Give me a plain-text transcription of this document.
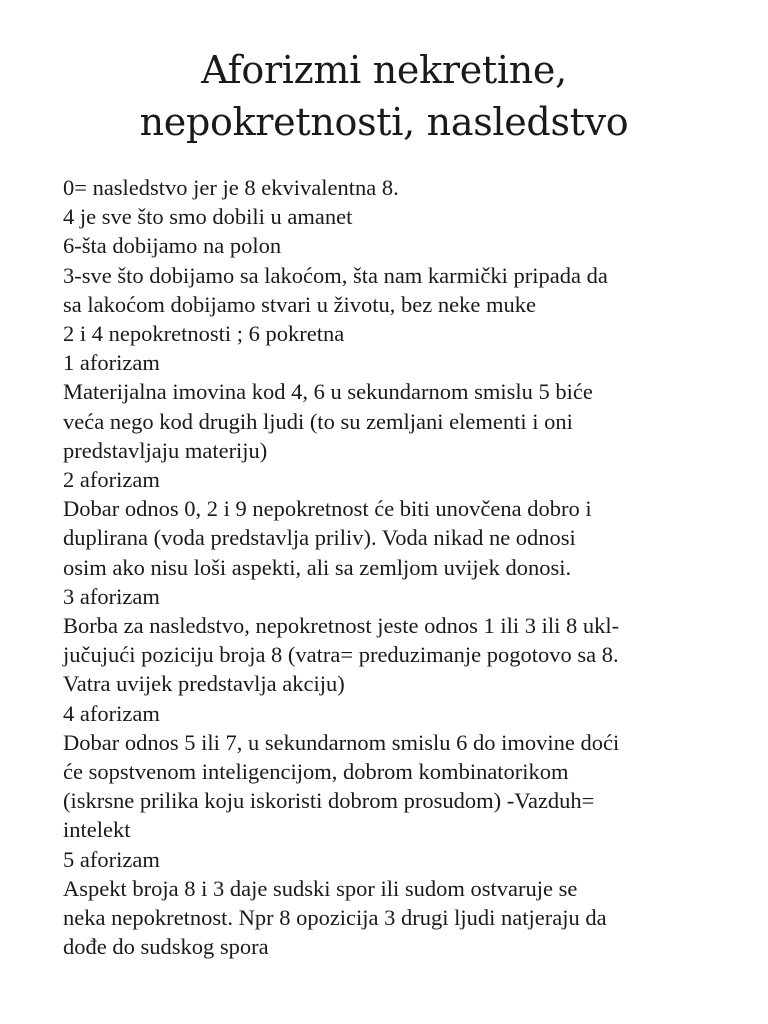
Aforizmi nekretine,
nepokretnosti, nasledstvo
0= nasledstvo jer je 8 ekvivalentna 8.
4 je sve što smo dobili u amanet
6-šta dobijamo na polon
3-sve što dobijamo sa lakoćom, šta nam karmički pripada da
sa lakoćom dobijamo stvari u životu, bez neke muke
2 i 4 nepokretnosti ; 6 pokretna
1 aforizam
Materijalna imovina kod 4, 6 u sekundarnom smislu 5 biće
veća nego kod drugih ljudi (to su zemljani elementi i oni
predstavljaju materiju)
2 aforizam
Dobar odnos 0, 2 i 9 nepokretnost će biti unovčena dobro i
duplirana (voda predstavlja priliv). Voda nikad ne odnosi
osim ako nisu loši aspekti, ali sa zemljom uvijek donosi.
3 aforizam
Borba za nasledstvo, nepokretnost jeste odnos 1 ili 3 ili 8 ukl-
jučujući poziciju broja 8 (vatra= preduzimanje pogotovo sa 8.
Vatra uvijek predstavlja akciju)
4 aforizam
Dobar odnos 5 ili 7, u sekundarnom smislu 6 do imovine doći
će sopstvenom inteligencijom, dobrom kombinatorikom
(iskrsne prilika koju iskoristi dobrom prosudom) -Vazduh=
intelekt
5 aforizam
Aspekt broja 8 i 3 daje sudski spor ili sudom ostvaruje se
neka nepokretnost. Npr 8 opozicija 3 drugi ljudi natjeraju da
dođe do sudskog spora
